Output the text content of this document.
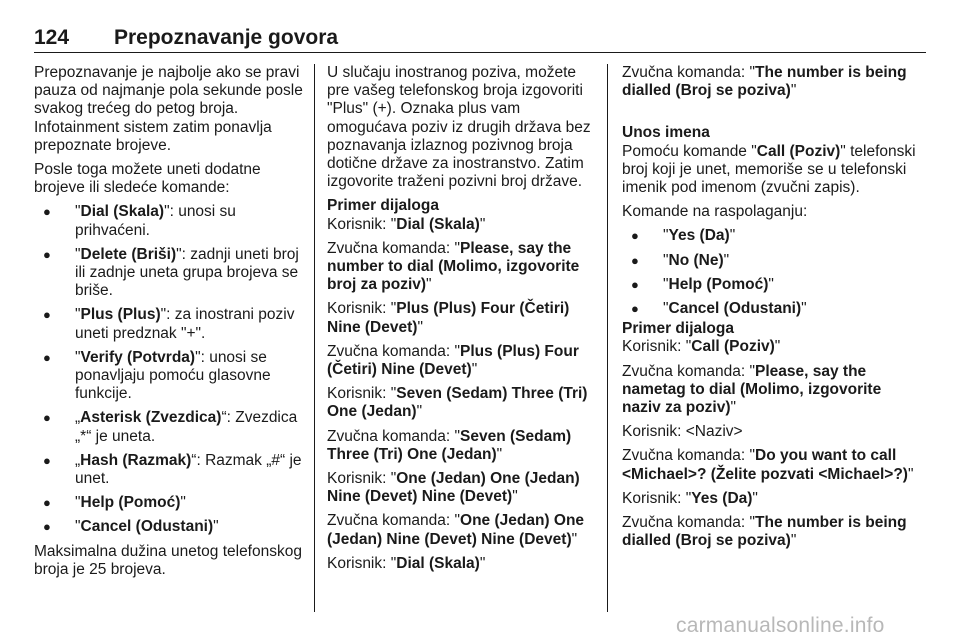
124 Prepoznavanje govora

Prepoznavanje je najbolje ako se pravi pauza od najmanje pola sekunde posle svakog trećeg do petog broja. Infotainment sistem zatim ponavlja prepoznate brojeve.

Posle toga možete uneti dodatne brojeve ili sledeće komande:

● "Dial (Skala)": unosi su prihvaćeni.
● "Delete (Briši)": zadnji uneti broj ili zadnje uneta grupa brojeva se briše.
● "Plus (Plus)": za inostrani poziv uneti predznak "+".
● "Verify (Potvrda)": unosi se ponavljaju pomoću glasovne funkcije.
● „Asterisk (Zvezdica)“: Zvezdica „*“ je uneta.
● „Hash (Razmak)“: Razmak „#“ je unet.
● "Help (Pomoć)"
● "Cancel (Odustani)"

Maksimalna dužina unetog telefonskog broja je 25 brojeva.

U slučaju inostranog poziva, možete pre vašeg telefonskog broja izgovoriti "Plus" (+). Oznaka plus vam omogućava poziv iz drugih država bez poznavanja izlaznog pozivnog broja dotične države za inostranstvo. Zatim izgovorite traženi pozivni broj države.

Primer dijaloga
Korisnik: "Dial (Skala)"

Zvučna komanda: "Please, say the number to dial (Molimo, izgovorite broj za poziv)"

Korisnik: "Plus (Plus) Four (Četiri) Nine (Devet)"

Zvučna komanda: "Plus (Plus) Four (Četiri) Nine (Devet)"

Korisnik: "Seven (Sedam) Three (Tri) One (Jedan)"

Zvučna komanda: "Seven (Sedam) Three (Tri) One (Jedan)"

Korisnik: "One (Jedan) One (Jedan) Nine (Devet) Nine (Devet)"

Zvučna komanda: "One (Jedan) One (Jedan) Nine (Devet) Nine (Devet)"

Korisnik: "Dial (Skala)"

Zvučna komanda: "The number is being dialled (Broj se poziva)"

Unos imena
Pomoću komande "Call (Poziv)" telefonski broj koji je unet, memoriše se u telefonski imenik pod imenom (zvučni zapis).

Komande na raspolaganju:

● "Yes (Da)"
● "No (Ne)"
● "Help (Pomoć)"
● "Cancel (Odustani)"

Primer dijaloga
Korisnik: "Call (Poziv)"

Zvučna komanda: "Please, say the nametag to dial (Molimo, izgovorite naziv za poziv)"

Korisnik: <Naziv>

Zvučna komanda: "Do you want to call <Michael>? (Želite pozvati <Michael>?)"

Korisnik: "Yes (Da)"

Zvučna komanda: "The number is being dialled (Broj se poziva)"

carmanualsonline.info
